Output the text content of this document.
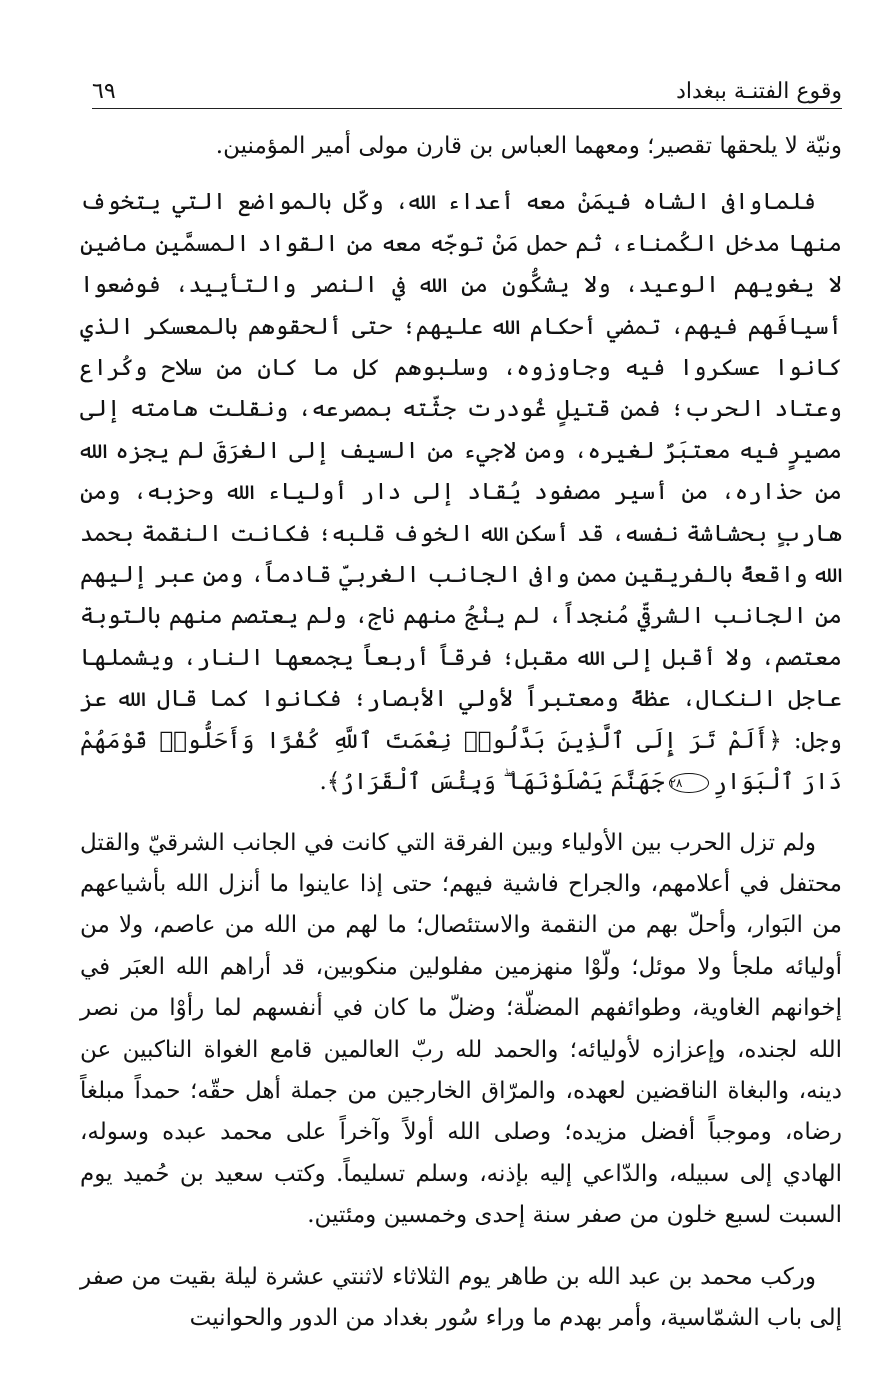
وقوع الفتنـة ببغداد
٦٩

ونيّة لا يلحقها تقصير؛ ومعهما العباس بن قارن مولى أمير المؤمنين.

فلماوافى الشاه فيمَنْ معه أعداء الله، وكّل بالمواضع التي يتخوف منها مدخل الكُمناء، ثم حمل مَنْ توجّه معه من القواد المسمَّين ماضين لا يغويهم الوعيد، ولا يشكُّون من الله في النصر والتأييد، فوضعوا أسيافَهم فيهم، تمضي أحكام الله عليهم؛ حتى ألحقوهم بالمعسكر الذي كانوا عسكروا فيه وجاوزوه، وسلبوهم كل ما كان من سلاح وكُراع وعتاد الحرب؛ فمن قتيلٍ غُودرت جثّته بمصرعه، ونقلت هامته إلى مصيرٍ فيه معتبَرٌ لغيره، ومن لاجيء من السيف إلى الغرَقَ لم يجزه الله من حذاره، من أسير مصفود يُقاد إلى دار أولياء الله وحزبه، ومن هاربٍ بحشاشة نفسه، قد أسكن الله الخوف قلبه؛ فكانت النقمة بحمد الله واقعةً بالفريقين ممن وافى الجانب الغربيّ قادماً، ومن عبر إليهم من الجانب الشرقيّ مُنجداً، لم ينْجُ منهم ناج، ولم يعتصم منهم بالتوبة معتصم، ولا أقبل إلى الله مقبل؛ فرقاً أربعاً يجمعها النار، ويشملها عاجل النكال، عظةً ومعتبراً لأولي الأبصار؛ فكانوا كما قال الله عز وجل: ﴿أَلَمْ تَرَ إِلَى ٱلَّذِينَ بَدَّلُوا۟ نِعْمَتَ ٱللَّهِ كُفْرًا وَأَحَلُّوا۟ قَوْمَهُمْ دَارَ ٱلْبَوَارِ٢٨جَهَنَّمَ يَصْلَوْنَهَا ۖ وَبِئْسَ ٱلْقَرَارُ﴾.

ولم تزل الحرب بين الأولياء وبين الفرقة التي كانت في الجانب الشرقيّ والقتل محتفل في أعلامهم، والجراح فاشية فيهم؛ حتى إذا عاينوا ما أنزل الله بأشياعهم من البَوار، وأحلّ بهم من النقمة والاستئصال؛ ما لهم من الله من عاصم، ولا من أوليائه ملجأ ولا موئل؛ ولّوْا منهزمين مفلولين منكوبين، قد أراهم الله العبَر في إخوانهم الغاوية، وطوائفهم المضلّة؛ وضلّ ما كان في أنفسهم لما رأوْا من نصر الله لجنده، وإعزازه لأوليائه؛ والحمد لله ربّ العالمين قامع الغواة الناكبين عن دينه، والبغاة الناقضين لعهده، والمرّاق الخارجين من جملة أهل حقّه؛ حمداً مبلغاً رضاه، وموجباً أفضل مزيده؛ وصلى الله أولاً وآخراً على محمد عبده وسوله، الهادي إلى سبيله، والدّاعي إليه بإذنه، وسلم تسليماً. وكتب سعيد بن حُميد يوم السبت لسبع خلون من صفر سنة إحدى وخمسين ومئتين.

وركب محمد بن عبد الله بن طاهر يوم الثلاثاء لاثنتي عشرة ليلة بقيت من صفر إلى باب الشمّاسية، وأمر بهدم ما وراء سُور بغداد من الدور والحوانيت
